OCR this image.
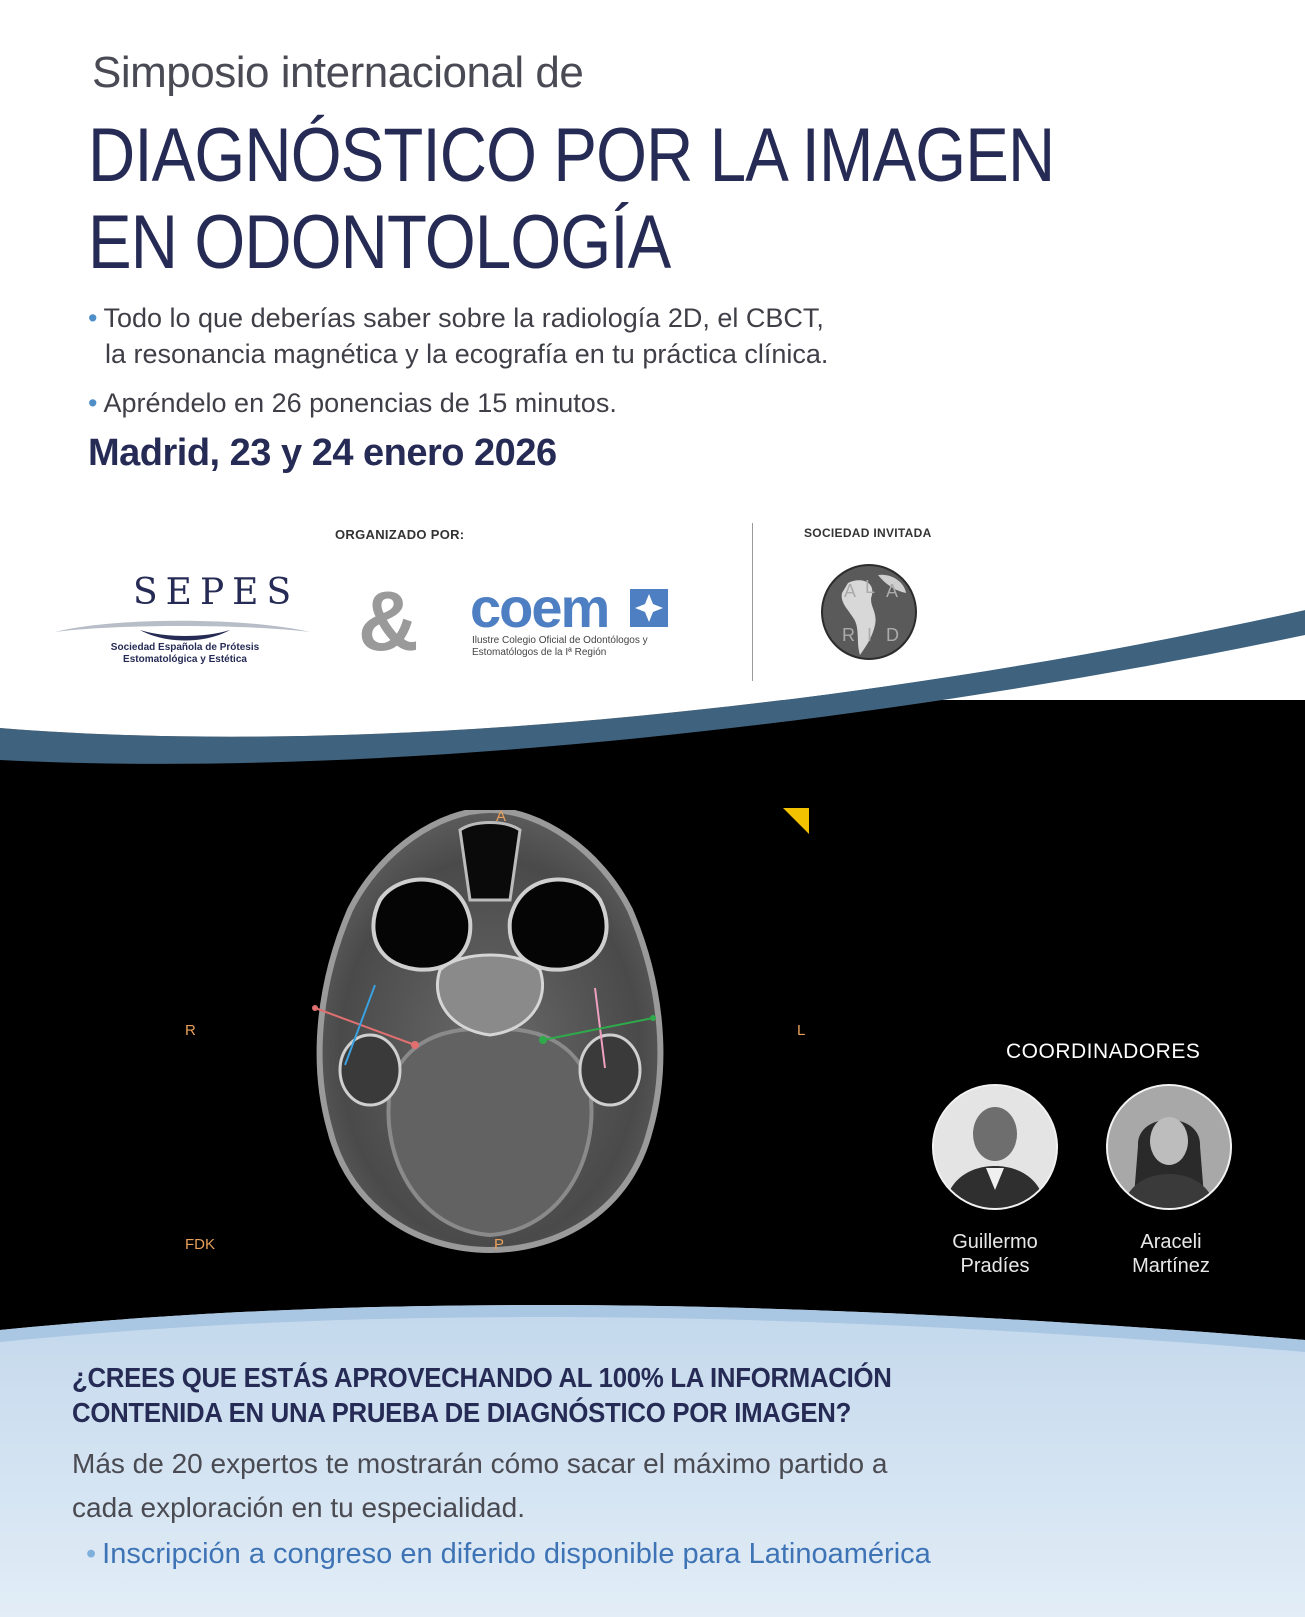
Simposio internacional de
DIAGNÓSTICO POR LA IMAGEN
EN ODONTOLOGÍA
• Todo lo que deberías saber sobre la radiología 2D, el CBCT,
la resonancia magnética y la ecografía en tu práctica clínica.
• Apréndelo en 26 ponencias de 15 minutos.
Madrid, 23 y 24 enero 2026
ORGANIZADO POR:
SEPES
Sociedad Española de Prótesis
Estomatológica y Estética	& coem
Ilustre Colegio Oficial de Odontólogos y
Estomatólogos de la Iª Región
SOCIEDAD INVITADA
A L A
R I D
A
R	L
P
FDK
COORDINADORES
Guillermo
Pradíes
Araceli
Martínez
¿CREES QUE ESTÁS APROVECHANDO AL 100% LA INFORMACIÓN
CONTENIDA EN UNA PRUEBA DE DIAGNÓSTICO POR IMAGEN?
Más de 20 expertos te mostrarán cómo sacar el máximo partido a
cada exploración en tu especialidad.
• Inscripción a congreso en diferido disponible para Latinoamérica
